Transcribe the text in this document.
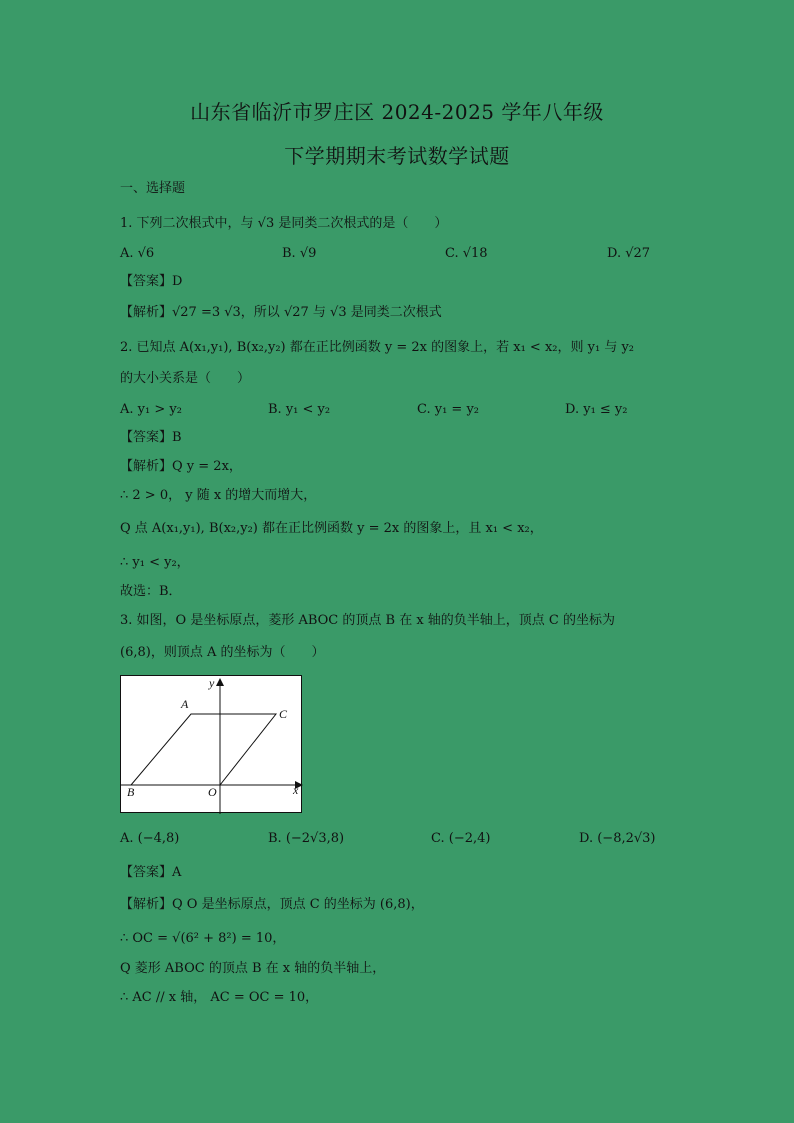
山东省临沂市罗庄区 2024-2025 学年八年级
下学期期末考试数学试题
一、选择题
1. 下列二次根式中，与 √3 是同类二次根式的是（　　）
A. √6	B. √9	C. √18	D. √27
【答案】D
【解析】√27 =3 √3，所以 √27 与 √3 是同类二次根式
2. 已知点 A(x₁,y₁), B(x₂,y₂) 都在正比例函数 y = 2x 的图象上，若 x₁ < x₂，则 y₁ 与 y₂
的大小关系是（　　）
A. y₁ > y₂	B. y₁ < y₂	C. y₁ = y₂	D. y₁ ≤ y₂
【答案】B
【解析】Q y = 2x，
∴ 2 > 0， y 随 x 的增大而增大，
Q 点 A(x₁,y₁), B(x₂,y₂) 都在正比例函数 y = 2x 的图象上，且 x₁ < x₂，
∴ y₁ < y₂，
故选：B．
3. 如图，O 是坐标原点，菱形 ABOC 的顶点 B 在 x 轴的负半轴上，顶点 C 的坐标为
(6,8)，则顶点 A 的坐标为（　　）
A
B
C
O	x
y
A. (−4,8)	B. (−2√3,8)	C. (−2,4)	D. (−8,2√3)
【答案】A
【解析】Q O 是坐标原点，顶点 C 的坐标为 (6,8)，
∴ OC = √(6² + 8²) = 10，
Q 菱形 ABOC 的顶点 B 在 x 轴的负半轴上，
∴ AC // x 轴， AC = OC = 10，
